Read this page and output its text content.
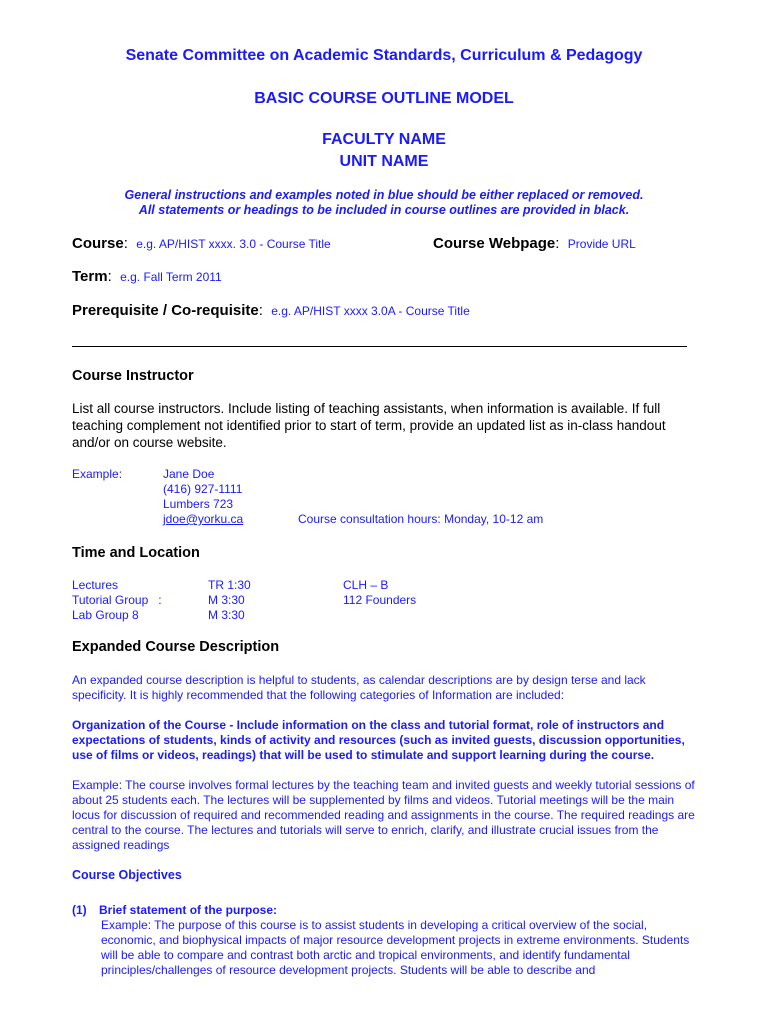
Senate Committee on Academic Standards, Curriculum & Pedagogy
BASIC COURSE OUTLINE MODEL
FACULTY NAME
UNIT NAME
General instructions and examples noted in blue should be either replaced or removed.
All statements or headings to be included in course outlines are provided in black.
Course:  e.g. AP/HIST xxxx. 3.0 - Course Title	Course Webpage:  Provide URL
Term:  e.g. Fall Term 2011
Prerequisite / Co-requisite:  e.g. AP/HIST xxxx 3.0A - Course Title
Course Instructor
List all course instructors. Include listing of teaching assistants, when information is available. If full teaching complement not identified prior to start of term, provide an updated list as in-class handout and/or on course website.
Example:	Jane Doe
(416) 927-1111
Lumbers 723
jdoe@yorku.ca	Course consultation hours: Monday, 10-12 am
Time and Location
Lectures	TR 1:30	CLH – B
Tutorial Group   :	M 3:30	112 Founders
Lab Group 8	M 3:30
Expanded Course Description
An expanded course description is helpful to students, as calendar descriptions are by design terse and lack specificity. It is highly recommended that the following categories of Information are included:
Organization of the Course - Include information on the class and tutorial format, role of instructors and expectations of students, kinds of activity and resources (such as invited guests, discussion opportunities, use of films or videos, readings) that will be used to stimulate and support learning during the course.
Example: The course involves formal lectures by the teaching team and invited guests and weekly tutorial sessions of about 25 students each. The lectures will be supplemented by films and videos. Tutorial meetings will be the main locus for discussion of required and recommended reading and assignments in the course. The required readings are central to the course. The lectures and tutorials will serve to enrich, clarify, and illustrate crucial issues from the assigned readings
Course Objectives
(1) Brief statement of the purpose:
Example: The purpose of this course is to assist students in developing a critical overview of the social, economic, and biophysical impacts of major resource development projects in extreme environments. Students will be able to compare and contrast both arctic and tropical environments, and identify fundamental principles/challenges of resource development projects. Students will be able to describe and
